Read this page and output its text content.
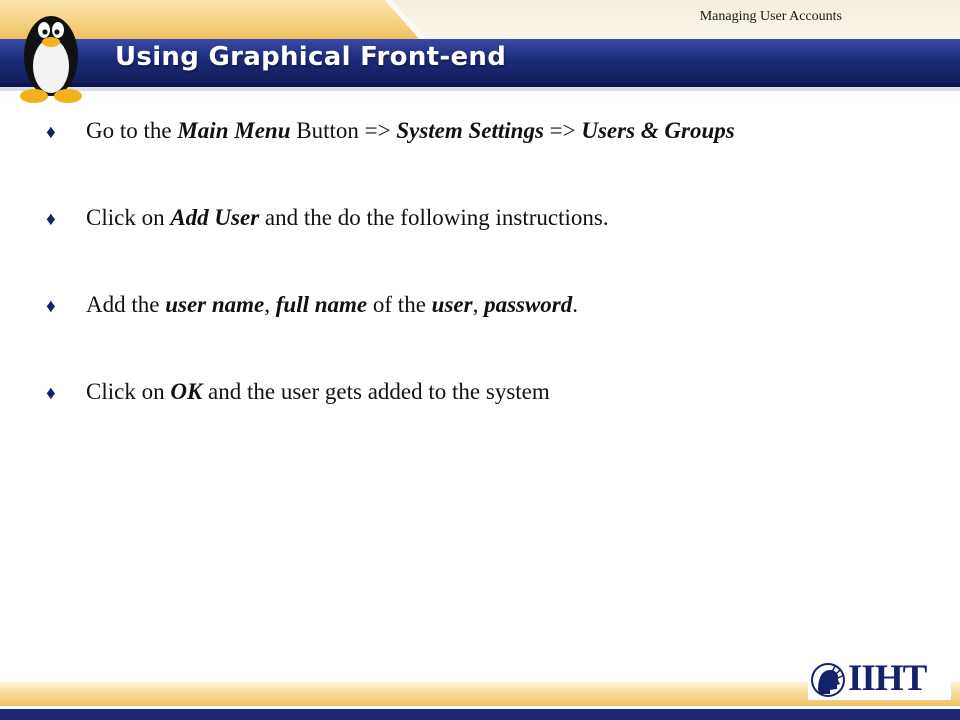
Managing User Accounts
Using Graphical Front-end
♦ Go to the Main Menu Button => System Settings => Users & Groups
♦ Click on Add User and the do the following instructions.
♦ Add the user name, full name of the user, password.
♦ Click on OK and the user gets added to the system
IIHT
